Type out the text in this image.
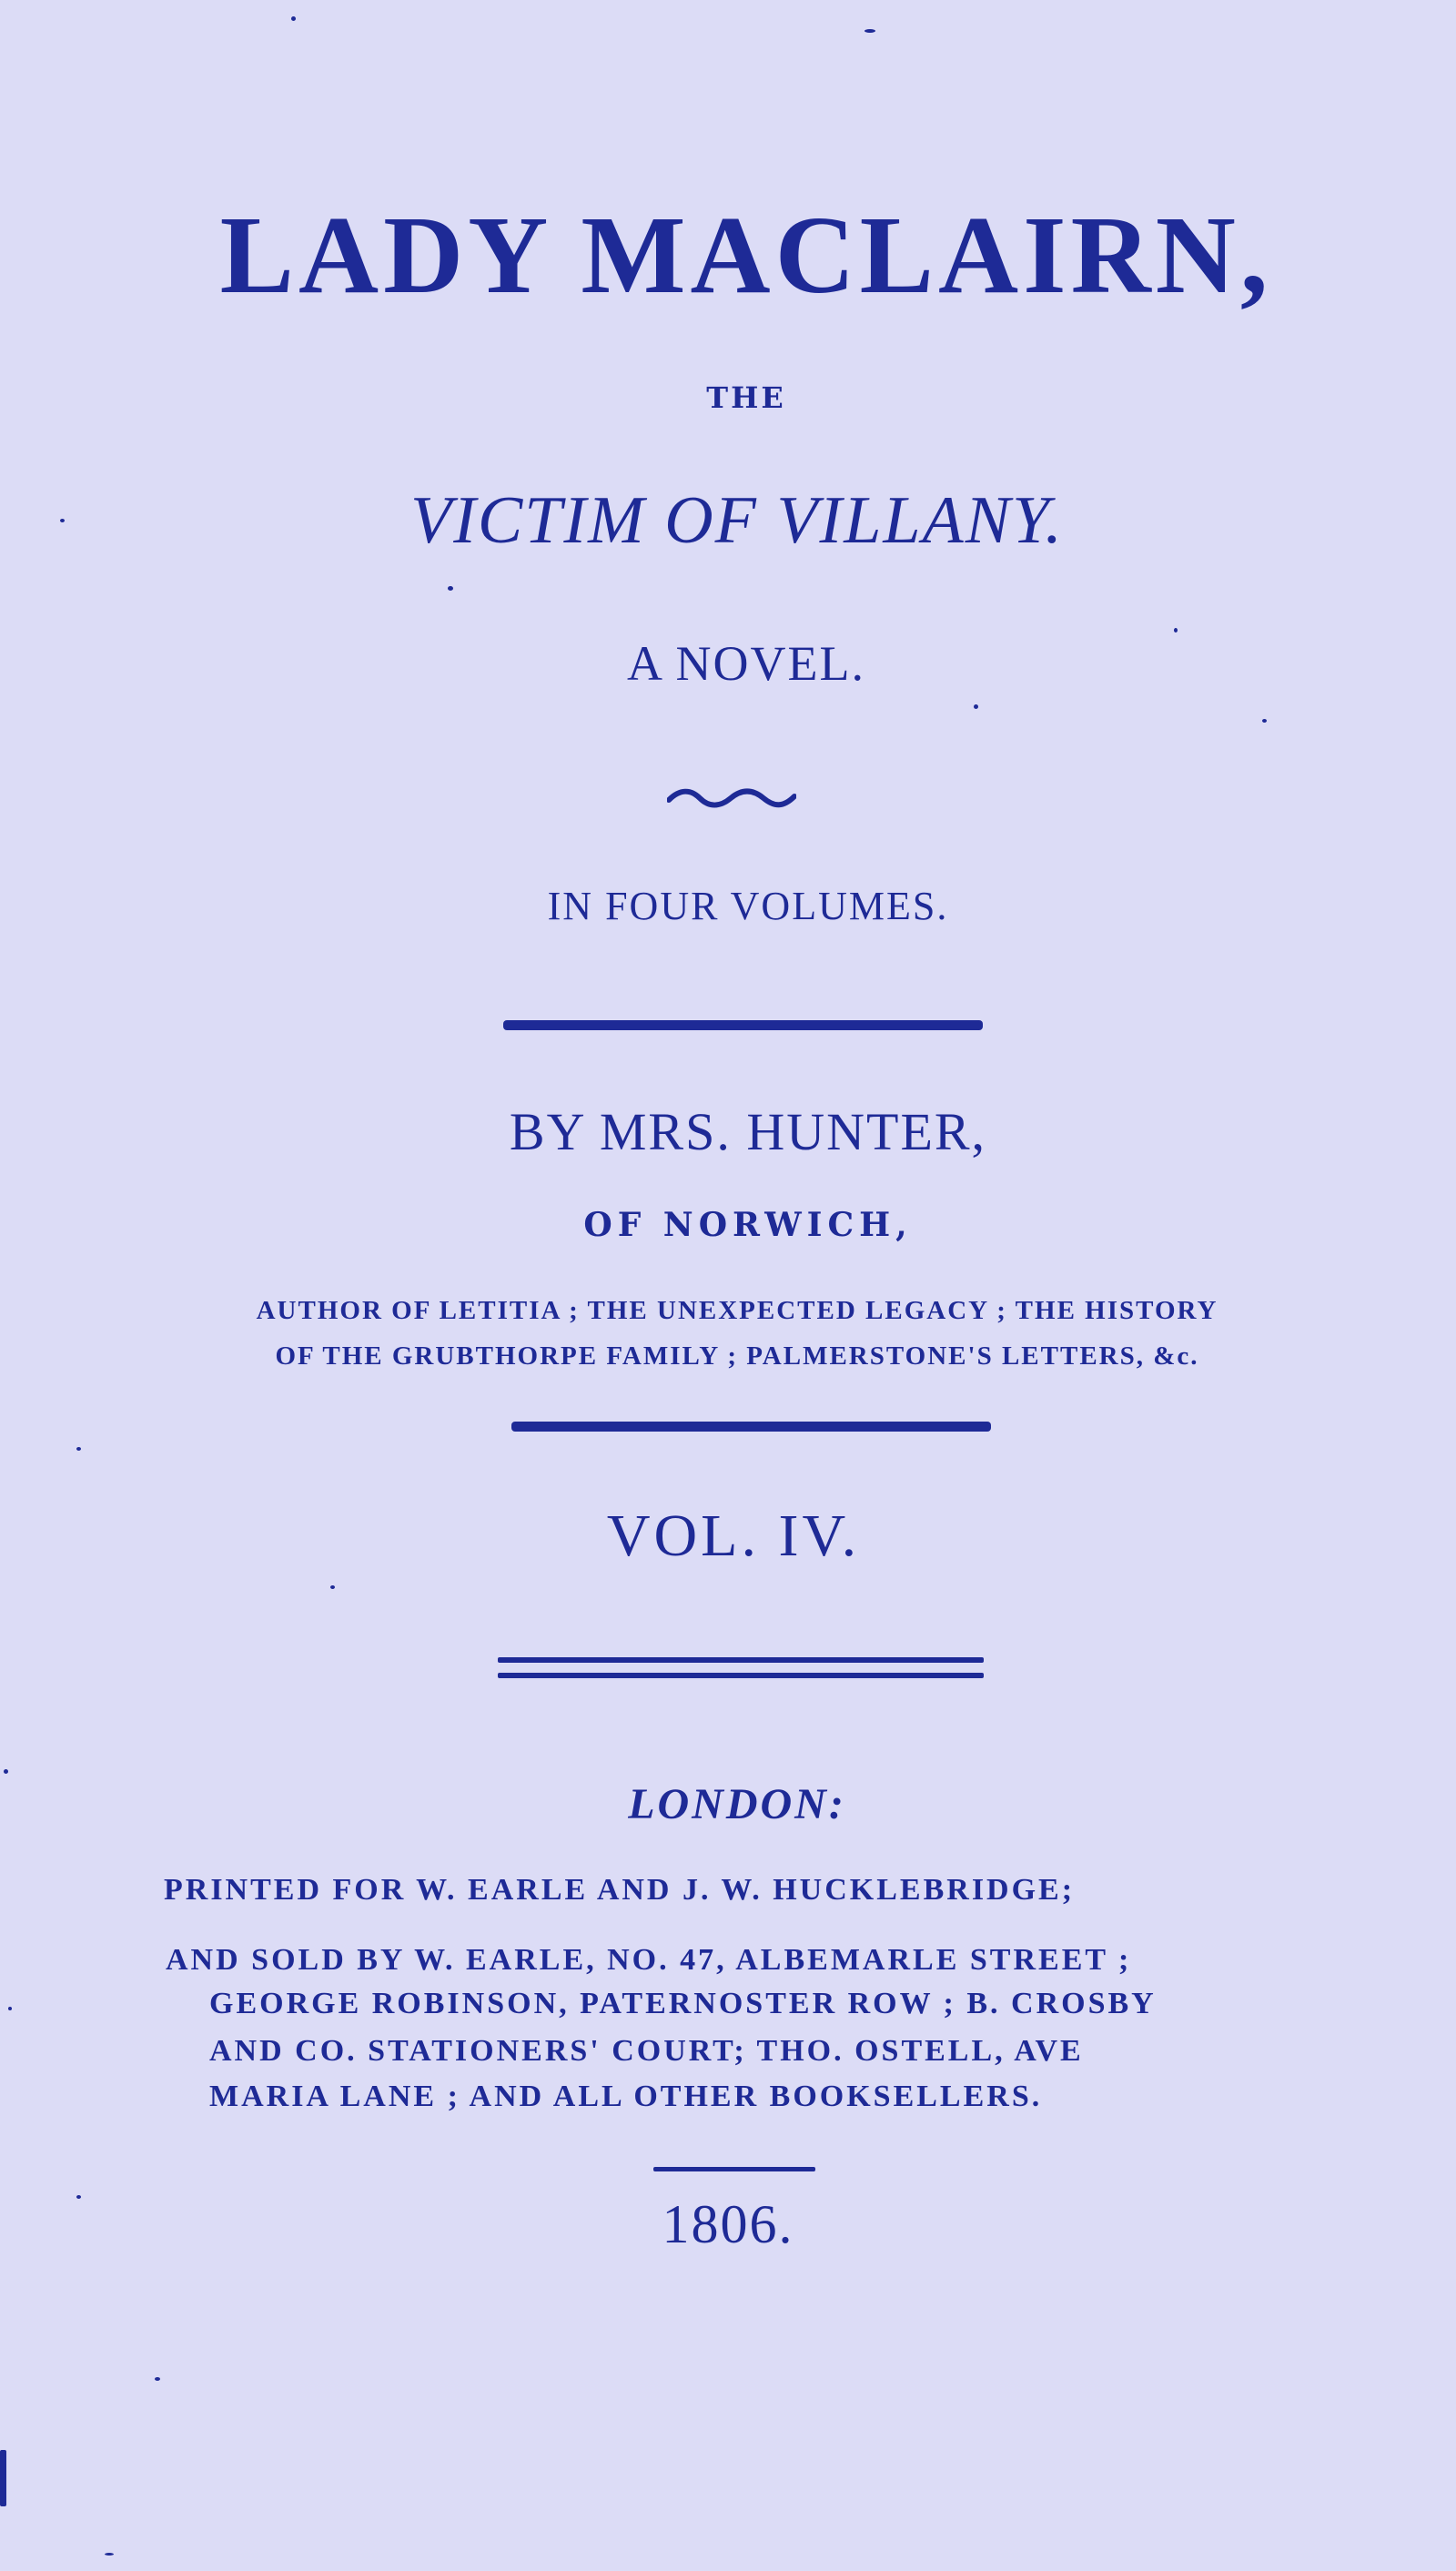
LADY MACLAIRN,
THE
VICTIM OF VILLANY.
A NOVEL.
IN FOUR VOLUMES.
BY MRS. HUNTER,
OF NORWICH,
AUTHOR OF LETITIA ; THE UNEXPECTED LEGACY ; THE HISTORY
OF THE GRUBTHORPE FAMILY ; PALMERSTONE'S LETTERS, &c.
VOL. IV.
LONDON:
PRINTED FOR W. EARLE AND J. W. HUCKLEBRIDGE;
AND SOLD BY W. EARLE, NO. 47, ALBEMARLE STREET ;
GEORGE ROBINSON, PATERNOSTER ROW ; B. CROSBY
AND CO. STATIONERS' COURT; THO. OSTELL, AVE
MARIA LANE ; AND ALL OTHER BOOKSELLERS.
1806.
